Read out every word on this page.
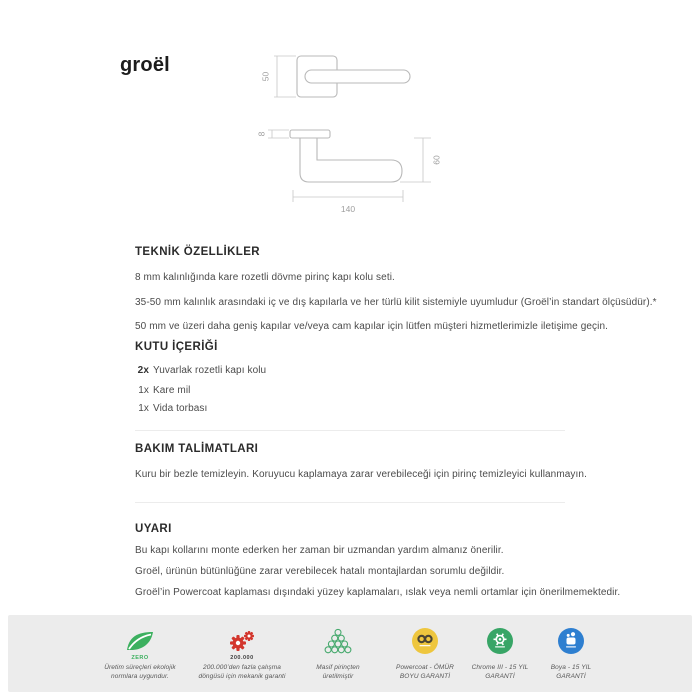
groël
50
8
60
140
TEKNİK ÖZELLİKLER
8 mm kalınlığında kare rozetli dövme pirinç kapı kolu seti.
35-50 mm kalınlık arasındaki iç ve dış kapılarla ve her türlü kilit sistemiyle uyumludur (Groël’in standart ölçüsüdür).*
50 mm ve üzeri daha geniş kapılar ve/veya cam kapılar için lütfen müşteri hizmetlerimizle iletişime geçin.
KUTU İÇERİĞİ
2x Yuvarlak rozetli kapı kolu
1x Kare mil
1x Vida torbası
BAKIM TALİMATLARI
Kuru bir bezle temizleyin. Koruyucu kaplamaya zarar verebileceği için pirinç temizleyici kullanmayın.
UYARI
Bu kapı kollarını monte ederken her zaman bir uzmandan yardım almanız önerilir.
Groël, ürünün bütünlüğüne zarar verebilecek hatalı montajlardan sorumlu değildir.
Groël’in Powercoat kaplaması dışındaki yüzey kaplamaları, ıslak veya nemli ortamlar için önerilmemektedir.
ZERO
Üretim süreçleri ekolojik
normlara uygundur.
200.000
200.000’den fazla çalışma
döngüsü için mekanik garanti
Masif pirinçten
üretilmiştir
Powercoat - ÖMÜR
BOYU GARANTİ
Chrome III - 15 YIL
GARANTİ
Boya - 15 YIL
GARANTİ
